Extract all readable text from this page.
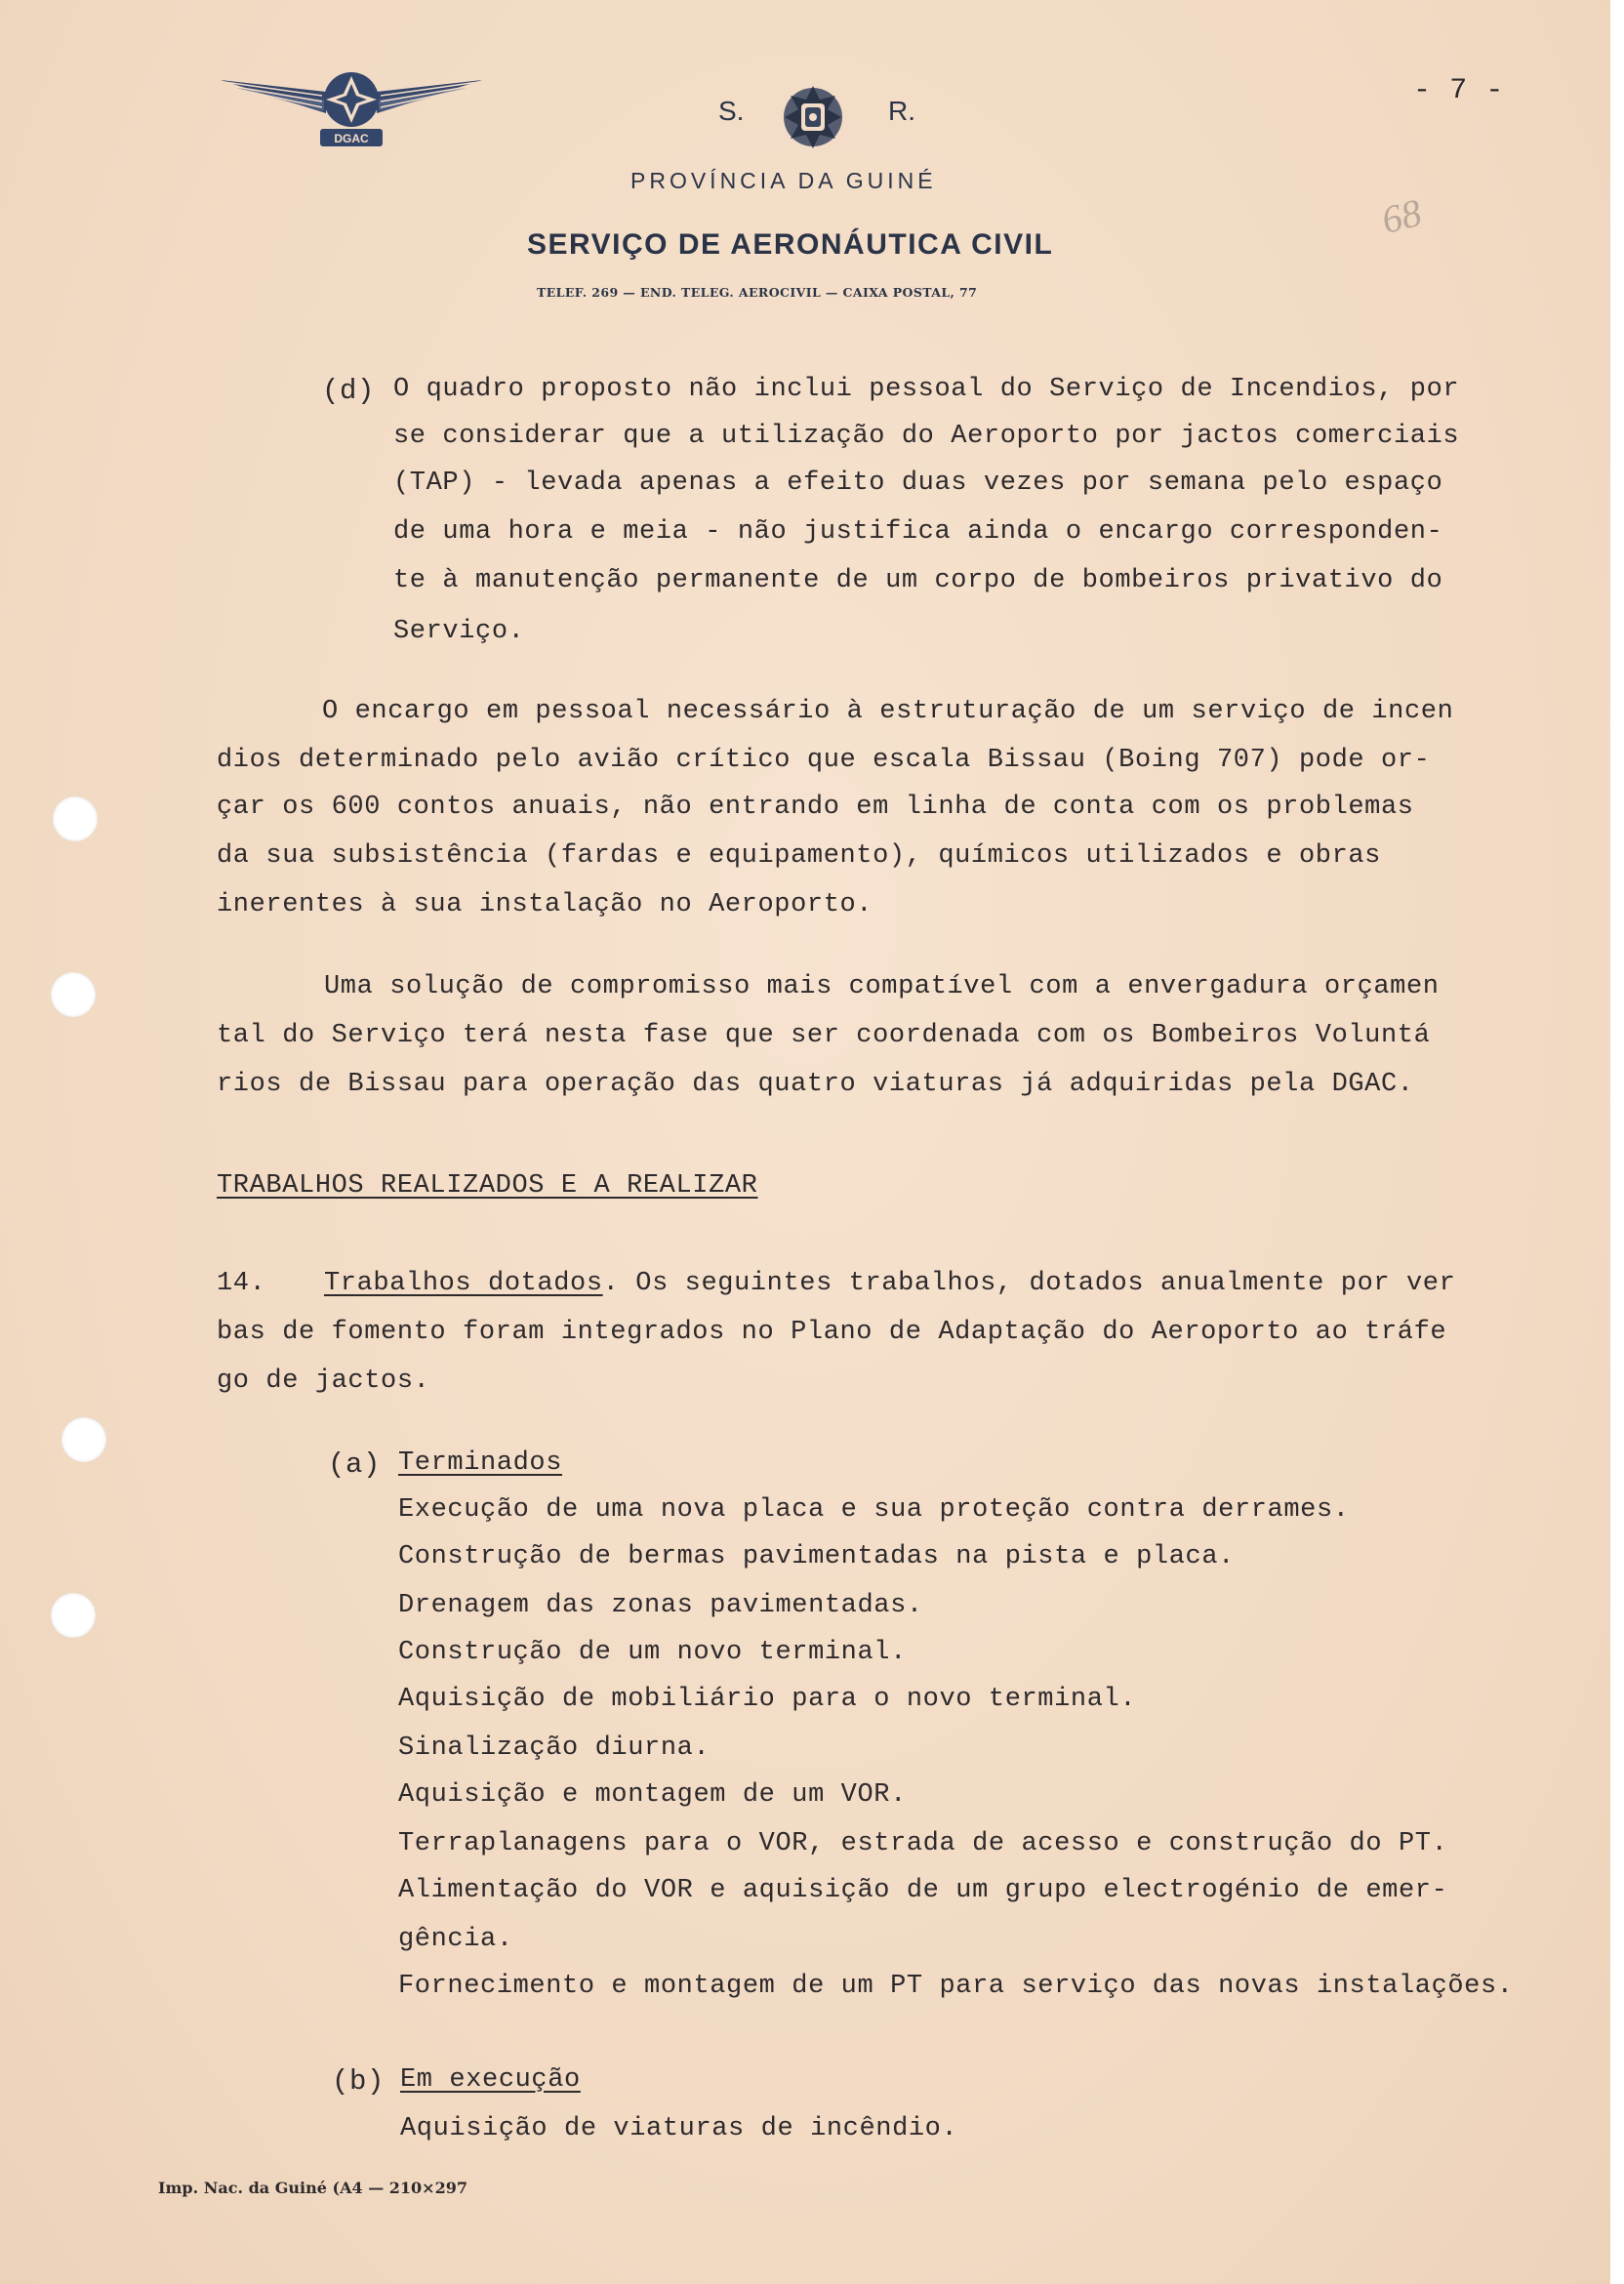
DGAC
S.	R.
- 7 -
PROVÍNCIA DA GUINÉ
SERVIÇO DE AERONÁUTICA CIVIL
TELEF. 269 — END. TELEG. AEROCIVIL — CAIXA POSTAL, 77
68
(d) O quadro proposto não inclui pessoal do Serviço de Incendios, por
se considerar que a utilização do Aeroporto por jactos comerciais
(TAP) - levada apenas a efeito duas vezes por semana pelo espaço
de uma hora e meia - não justifica ainda o encargo corresponden-
te à manutenção permanente de um corpo de bombeiros privativo do
Serviço.
O encargo em pessoal necessário à estruturação de um serviço de incen
dios determinado pelo avião crítico que escala Bissau (Boing 707) pode or-
çar os 600 contos anuais, não entrando em linha de conta com os problemas
da sua subsistência (fardas e equipamento), químicos utilizados e obras
inerentes à sua instalação no Aeroporto.
Uma solução de compromisso mais compatível com a envergadura orçamen
tal do Serviço terá nesta fase que ser coordenada com os Bombeiros Voluntá
rios de Bissau para operação das quatro viaturas já adquiridas pela DGAC.
TRABALHOS REALIZADOS E A REALIZAR
14. Trabalhos dotados. Os seguintes trabalhos, dotados anualmente por ver
bas de fomento foram integrados no Plano de Adaptação do Aeroporto ao tráfe
go de jactos.
(a) Terminados
Execução de uma nova placa e sua proteção contra derrames.
Construção de bermas pavimentadas na pista e placa.
Drenagem das zonas pavimentadas.
Construção de um novo terminal.
Aquisição de mobiliário para o novo terminal.
Sinalização diurna.
Aquisição e montagem de um VOR.
Terraplanagens para o VOR, estrada de acesso e construção do PT.
Alimentação do VOR e aquisição de um grupo electrogénio de emer-
gência.
Fornecimento e montagem de um PT para serviço das novas instalações.
(b) Em execução
Aquisição de viaturas de incêndio.
Imp. Nac. da Guiné (A4 — 210×297
